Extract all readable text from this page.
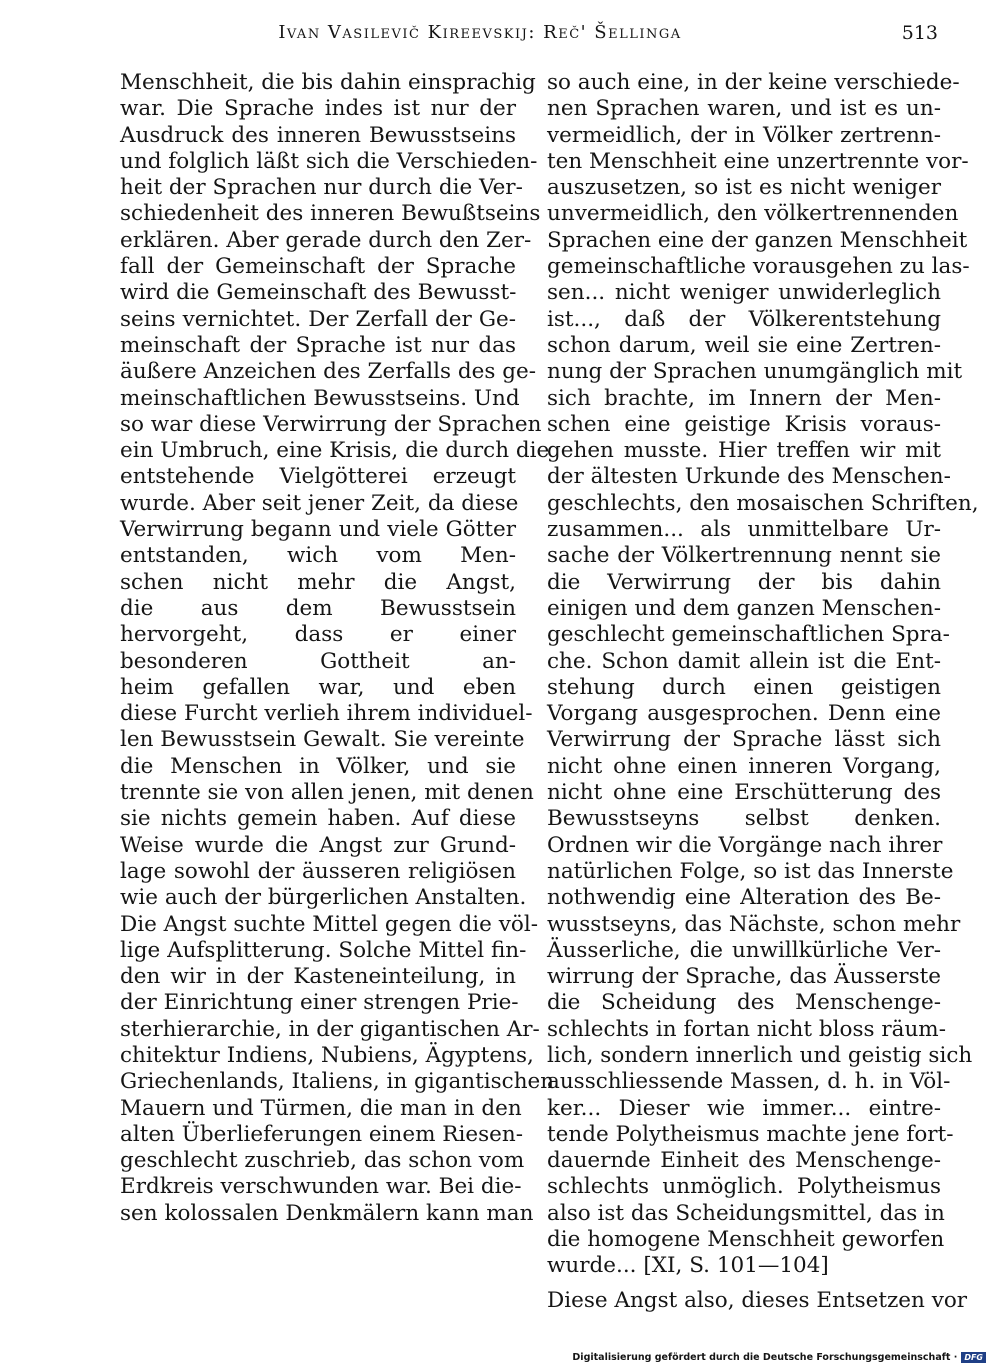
Ivan Vasilevič Kireevskij: Reč' Šellinga	513
Menschheit, die bis dahin einsprachig
war. Die Sprache indes ist nur der
Ausdruck des inneren Bewusstseins
und folglich läßt sich die Verschieden-
heit der Sprachen nur durch die Ver-
schiedenheit des inneren Bewußtseins
erklären. Aber gerade durch den Zer-
fall der Gemeinschaft der Sprache
wird die Gemeinschaft des Bewusst-
seins vernichtet. Der Zerfall der Ge-
meinschaft der Sprache ist nur das
äußere Anzeichen des Zerfalls des ge-
meinschaftlichen Bewusstseins. Und
so war diese Verwirrung der Sprachen
ein Umbruch, eine Krisis, die durch die
entstehende Vielgötterei erzeugt
wurde. Aber seit jener Zeit, da diese
Verwirrung begann und viele Götter
entstanden, wich vom Men-
schen nicht mehr die Angst,
die aus dem Bewusstsein
hervorgeht, dass er einer
besonderen Gottheit an-
heim gefallen war, und eben
diese Furcht verlieh ihrem individuel-
len Bewusstsein Gewalt. Sie vereinte
die Menschen in Völker, und sie
trennte sie von allen jenen, mit denen
sie nichts gemein haben. Auf diese
Weise wurde die Angst zur Grund-
lage sowohl der äusseren religiösen
wie auch der bürgerlichen Anstalten.
Die Angst suchte Mittel gegen die völ-
lige Aufsplitterung. Solche Mittel fin-
den wir in der Kasteneinteilung, in
der Einrichtung einer strengen Prie-
sterhierarchie, in der gigantischen Ar-
chitektur Indiens, Nubiens, Ägyptens,
Griechenlands, Italiens, in gigantischen
Mauern und Türmen, die man in den
alten Überlieferungen einem Riesen-
geschlecht zuschrieb, das schon vom
Erdkreis verschwunden war. Bei die-
sen kolossalen Denkmälern kann man
so auch eine, in der keine verschiede-
nen Sprachen waren, und ist es un-
vermeidlich, der in Völker zertrenn-
ten Menschheit eine unzertrennte vor-
auszusetzen, so ist es nicht weniger
unvermeidlich, den völkertrennenden
Sprachen eine der ganzen Menschheit
gemeinschaftliche vorausgehen zu las-
sen... nicht weniger unwiderleglich
ist..., daß der Völkerentstehung
schon darum, weil sie eine Zertren-
nung der Sprachen unumgänglich mit
sich brachte, im Innern der Men-
schen eine geistige Krisis voraus-
gehen musste. Hier treffen wir mit
der ältesten Urkunde des Menschen-
geschlechts, den mosaischen Schriften,
zusammen... als unmittelbare Ur-
sache der Völkertrennung nennt sie
die Verwirrung der bis dahin
einigen und dem ganzen Menschen-
geschlecht gemeinschaftlichen Spra-
che. Schon damit allein ist die Ent-
stehung durch einen geistigen
Vorgang ausgesprochen. Denn eine
Verwirrung der Sprache lässt sich
nicht ohne einen inneren Vorgang,
nicht ohne eine Erschütterung des
Bewusstseyns selbst denken.
Ordnen wir die Vorgänge nach ihrer
natürlichen Folge, so ist das Innerste
nothwendig eine Alteration des Be-
wusstseyns, das Nächste, schon mehr
Äusserliche, die unwillkürliche Ver-
wirrung der Sprache, das Äusserste
die Scheidung des Menschenge-
schlechts in fortan nicht bloss räum-
lich, sondern innerlich und geistig sich
ausschliessende Massen, d. h. in Völ-
ker... Dieser wie immer... eintre-
tende Polytheismus machte jene fort-
dauernde Einheit des Menschenge-
schlechts unmöglich. Polytheismus
also ist das Scheidungsmittel, das in
die homogene Menschheit geworfen
wurde... [XI, S. 101—104]
Diese Angst also, dieses Entsetzen vor
Digitalisierung gefördert durch die Deutsche Forschungsgemeinschaft · DFG
